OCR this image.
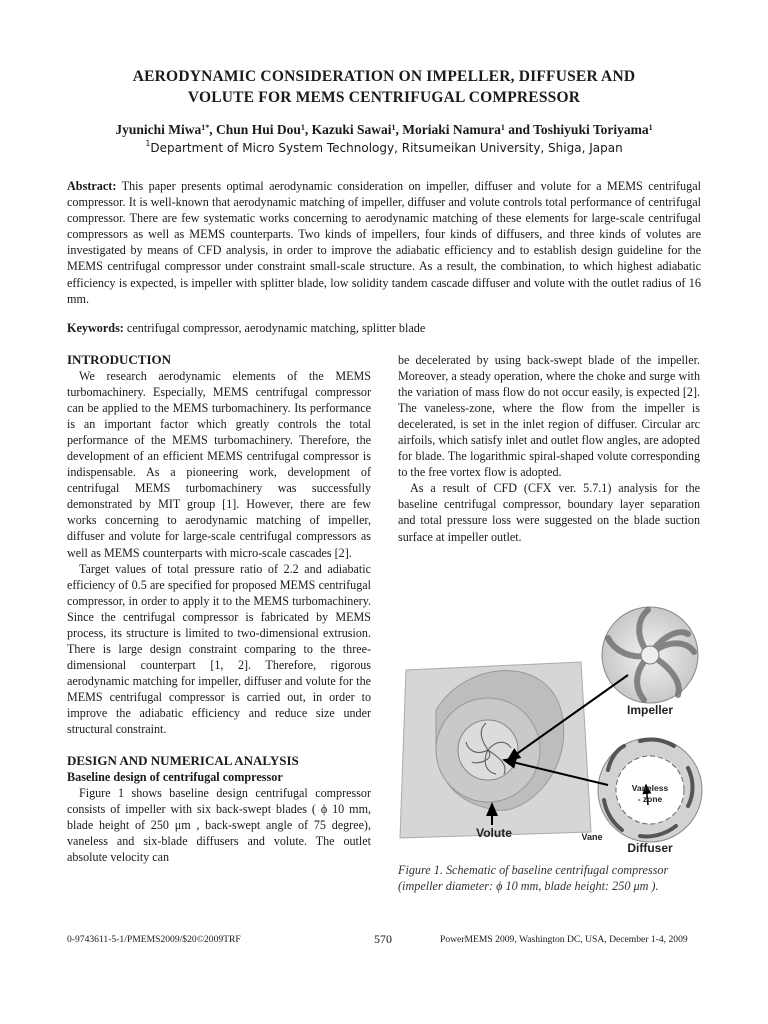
AERODYNAMIC CONSIDERATION ON IMPELLER, DIFFUSER AND
VOLUTE FOR MEMS CENTRIFUGAL COMPRESSOR
Jyunichi Miwa$^{1*}$, Chun Hui Dou$^1$, Kazuki Sawai$^1$, Moriaki Namura$^1$ and Toshiyuki Toriyama$^1$
$^1$Department of Micro System Technology, Ritsumeikan University, Shiga, Japan
Abstract: This paper presents optimal aerodynamic consideration on impeller, diffuser and volute for a MEMS centrifugal compressor. It is well-known that aerodynamic matching of impeller, diffuser and volute controls total performance of centrifugal compressor. There are few systematic works concerning to aerodynamic matching of these elements for large-scale centrifugal compressors as well as MEMS counterparts. Two kinds of impellers, four kinds of diffusers, and three kinds of volutes are investigated by means of CFD analysis, in order to improve the adiabatic efficiency and to establish design guideline for the MEMS centrifugal compressor under constraint small-scale structure. As a result, the combination, to which highest adiabatic efficiency is expected, is impeller with splitter blade, low solidity tandem cascade diffuser and volute with the outlet radius of 16 mm.
Keywords: centrifugal compressor, aerodynamic matching, splitter blade
INTRODUCTION

We research aerodynamic elements of the MEMS turbomachinery. Especially, MEMS centrifugal compressor can be applied to the MEMS turbomachinery. Its performance is an important factor which greatly controls the total performance of the MEMS turbomachinery. Therefore, the development of an efficient MEMS centrifugal compressor is indispensable. As a pioneering work, development of centrifugal MEMS turbomachinery was successfully demonstrated by MIT group [1]. However, there are few works concerning to aerodynamic matching of impeller, diffuser and volute for large-scale centrifugal compressors as well as MEMS counterparts with micro-scale cascades [2].

Target values of total pressure ratio of 2.2 and adiabatic efficiency of 0.5 are specified for proposed MEMS centrifugal compressor, in order to apply it to the MEMS turbomachinery. Since the centrifugal compressor is fabricated by MEMS process, its structure is limited to two-dimensional extrusion. There is large design constraint comparing to the three-dimensional counterpart [1, 2]. Therefore, rigorous aerodynamic matching for impeller, diffuser and volute for the MEMS centrifugal compressor is carried out, in order to improve the adiabatic efficiency and reduce size under structural constraint.

DESIGN AND NUMERICAL ANALYSIS
Baseline design of centrifugal compressor

Figure 1 shows baseline design centrifugal compressor consists of impeller with six back-swept blades ( ϕ 10 mm, blade height of 250 μm , back-swept angle of 75 degree), vaneless and six-blade diffusers and volute. The outlet absolute velocity can

be decelerated by using back-swept blade of the impeller. Moreover, a steady operation, where the choke and surge with the variation of mass flow do not occur easily, is expected [2]. The vaneless-zone, where the flow from the impeller is decelerated, is set in the inlet region of diffuser. Circular arc airfoils, which satisfy inlet and outlet flow angles, are adopted for blade. The logarithmic spiral-shaped volute corresponding to the free vortex flow is adopted.

As a result of CFD (CFX ver. 5.7.1) analysis for the baseline centrifugal compressor, boundary layer separation and total pressure loss were suggested on the blade suction surface at impeller outlet.

Impeller
Vaneless
- zone
Volute	Vane
Diffuser
Figure 1. Schematic of baseline centrifugal compressor (impeller diameter: ϕ 10 mm, blade height: 250 μm ).
0-9743611-5-1/PMEMS2009/$20©2009TRF	570	PowerMEMS 2009, Washington DC, USA, December 1-4, 2009
